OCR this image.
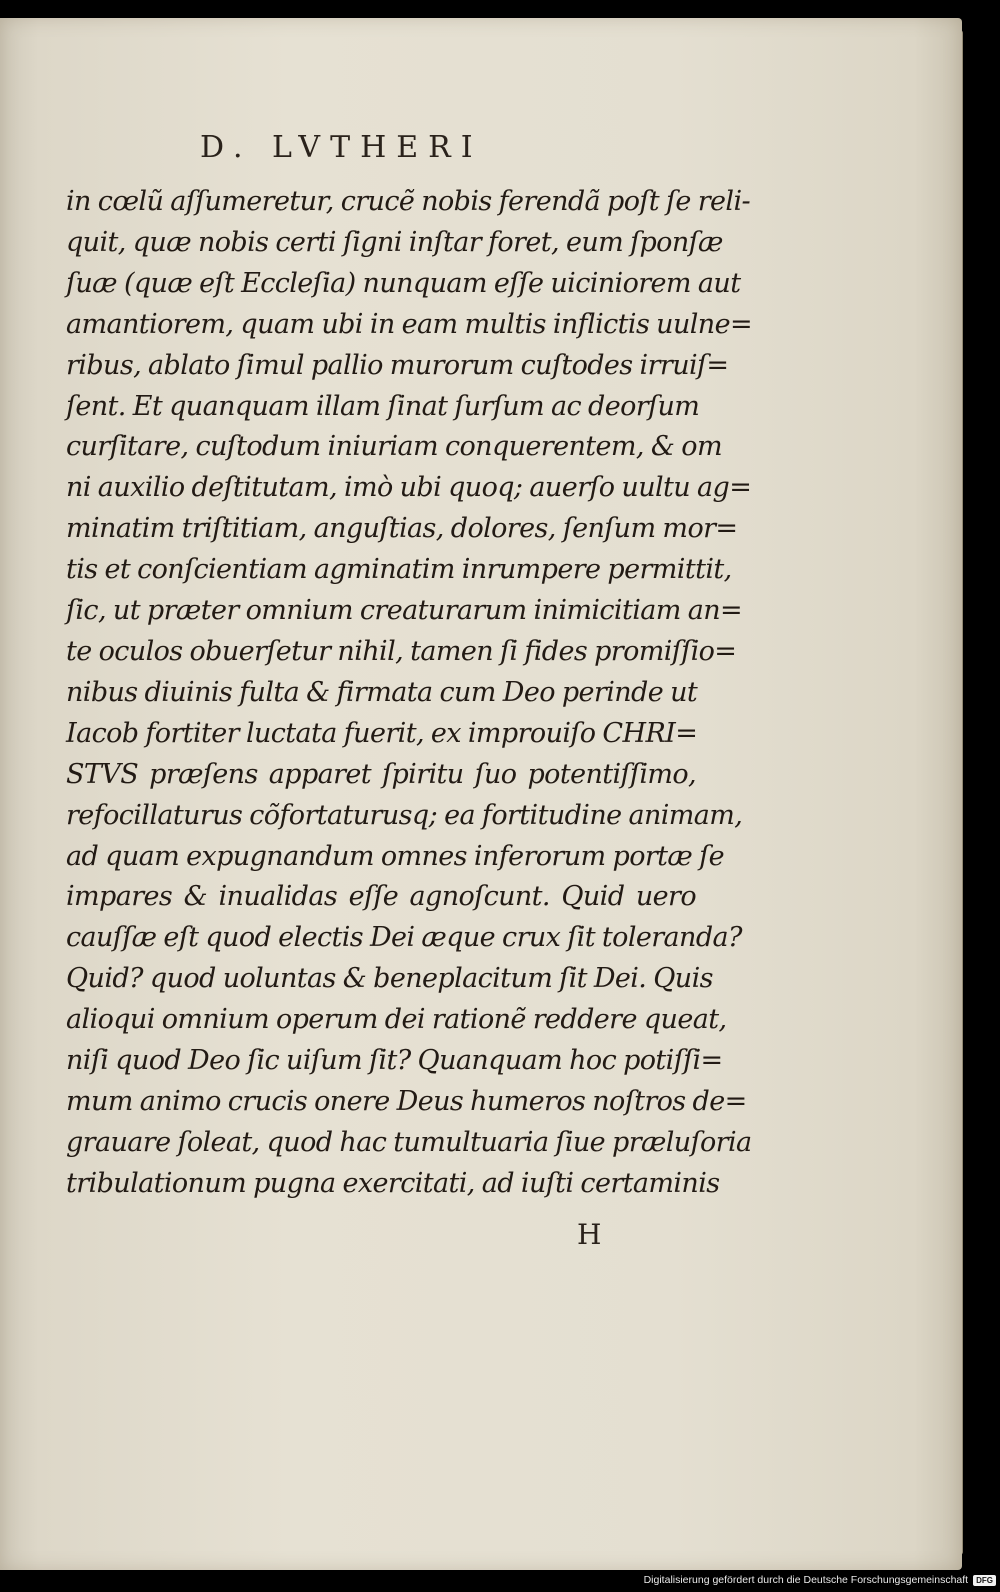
D. LVTHERI
in cœlũ aſſumeretur, crucẽ nobis ferendã poſt ſe reli-
quit, quæ nobis certi ſigni inſtar foret, eum ſponſæ
ſuæ (quæ eſt Eccleſia) nunquam eſſe uiciniorem aut
amantiorem, quam ubi in eam multis inflictis uulne=
ribus, ablato ſimul pallio murorum cuſtodes irruiſ=
ſent. Et quanquam illam ſinat ſurſum ac deorſum
curſitare, cuſtodum iniuriam conquerentem, & om
ni auxilio deſtitutam, imò ubi quoq; auerſo uultu ag=
minatim triſtitiam, anguſtias, dolores, ſenſum mor=
tis et conſcientiam agminatim inrumpere permittit,
ſic, ut præter omnium creaturarum inimicitiam an=
te oculos obuerſetur nihil, tamen ſi fides promiſſio=
nibus diuinis fulta & firmata cum Deo perinde ut
Iacob fortiter luctata fuerit, ex improuiſo CHRI=
STVS præſens apparet ſpiritu ſuo potentiſſimo,
refocillaturus cõfortaturusq; ea fortitudine animam,
ad quam expugnandum omnes inferorum portæ ſe
impares & inualidas eſſe agnoſcunt. Quid uero
cauſſæ eſt quod electis Dei æque crux ſit toleranda?
Quid? quod uoluntas & beneplacitum ſit Dei. Quis
alioqui omnium operum dei rationẽ reddere queat,
niſi quod Deo ſic uiſum ſit? Quanquam hoc potiſſi=
mum animo crucis onere Deus humeros noſtros de=
grauare ſoleat, quod hac tumultuaria ſiue præluſoria
tribulationum pugna exercitati, ad iuſti certaminis
H
Digitalisierung gefördert durch die Deutsche Forschungsgemeinschaft	DFG
